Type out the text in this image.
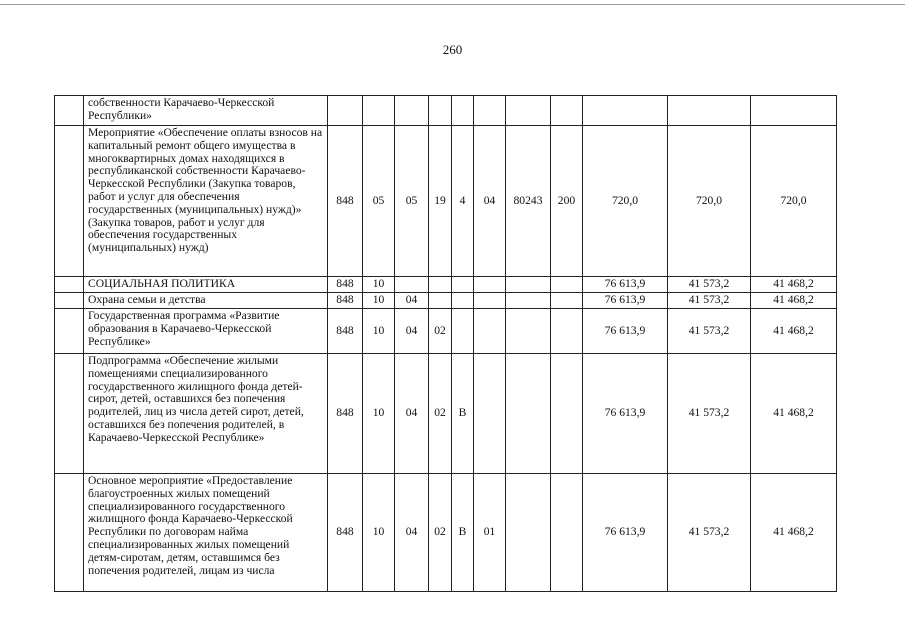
260
	собственности Карачаево-Черкесской Республики»											
	Мероприятие «Обеспечение оплаты взносов на капитальный ремонт общего имущества в многоквартирных домах находящихся в республиканской собственности Карачаево-Черкесской Республики (Закупка товаров, работ и услуг для обеспечения государственных (муниципальных) нужд)» (Закупка товаров, работ и услуг для обеспечения государственных (муниципальных) нужд)	848	05	05	19	4	04	80243	200	720,0	720,0	720,0
	СОЦИАЛЬНАЯ ПОЛИТИКА	848	10							76 613,9	41 573,2	41 468,2
	Охрана семьи и детства	848	10	04						76 613,9	41 573,2	41 468,2
	Государственная программа «Развитие образования в Карачаево-Черкесской Республике»	848	10	04	02					76 613,9	41 573,2	41 468,2
	Подпрограмма «Обеспечение жилыми помещениями специализированного государственного жилищного фонда детей-сирот, детей, оставшихся без попечения родителей, лиц из числа детей сирот, детей, оставшихся без попечения родителей, в Карачаево-Черкесской Республике»	848	10	04	02	В				76 613,9	41 573,2	41 468,2
	Основное мероприятие «Предоставление благоустроенных жилых помещений специализированного государственного жилищного фонда Карачаево-Черкесской Республики по договорам найма специализированных жилых помещений детям-сиротам, детям, оставшимся без попечения родителей, лицам из числа	848	10	04	02	В	01			76 613,9	41 573,2	41 468,2
